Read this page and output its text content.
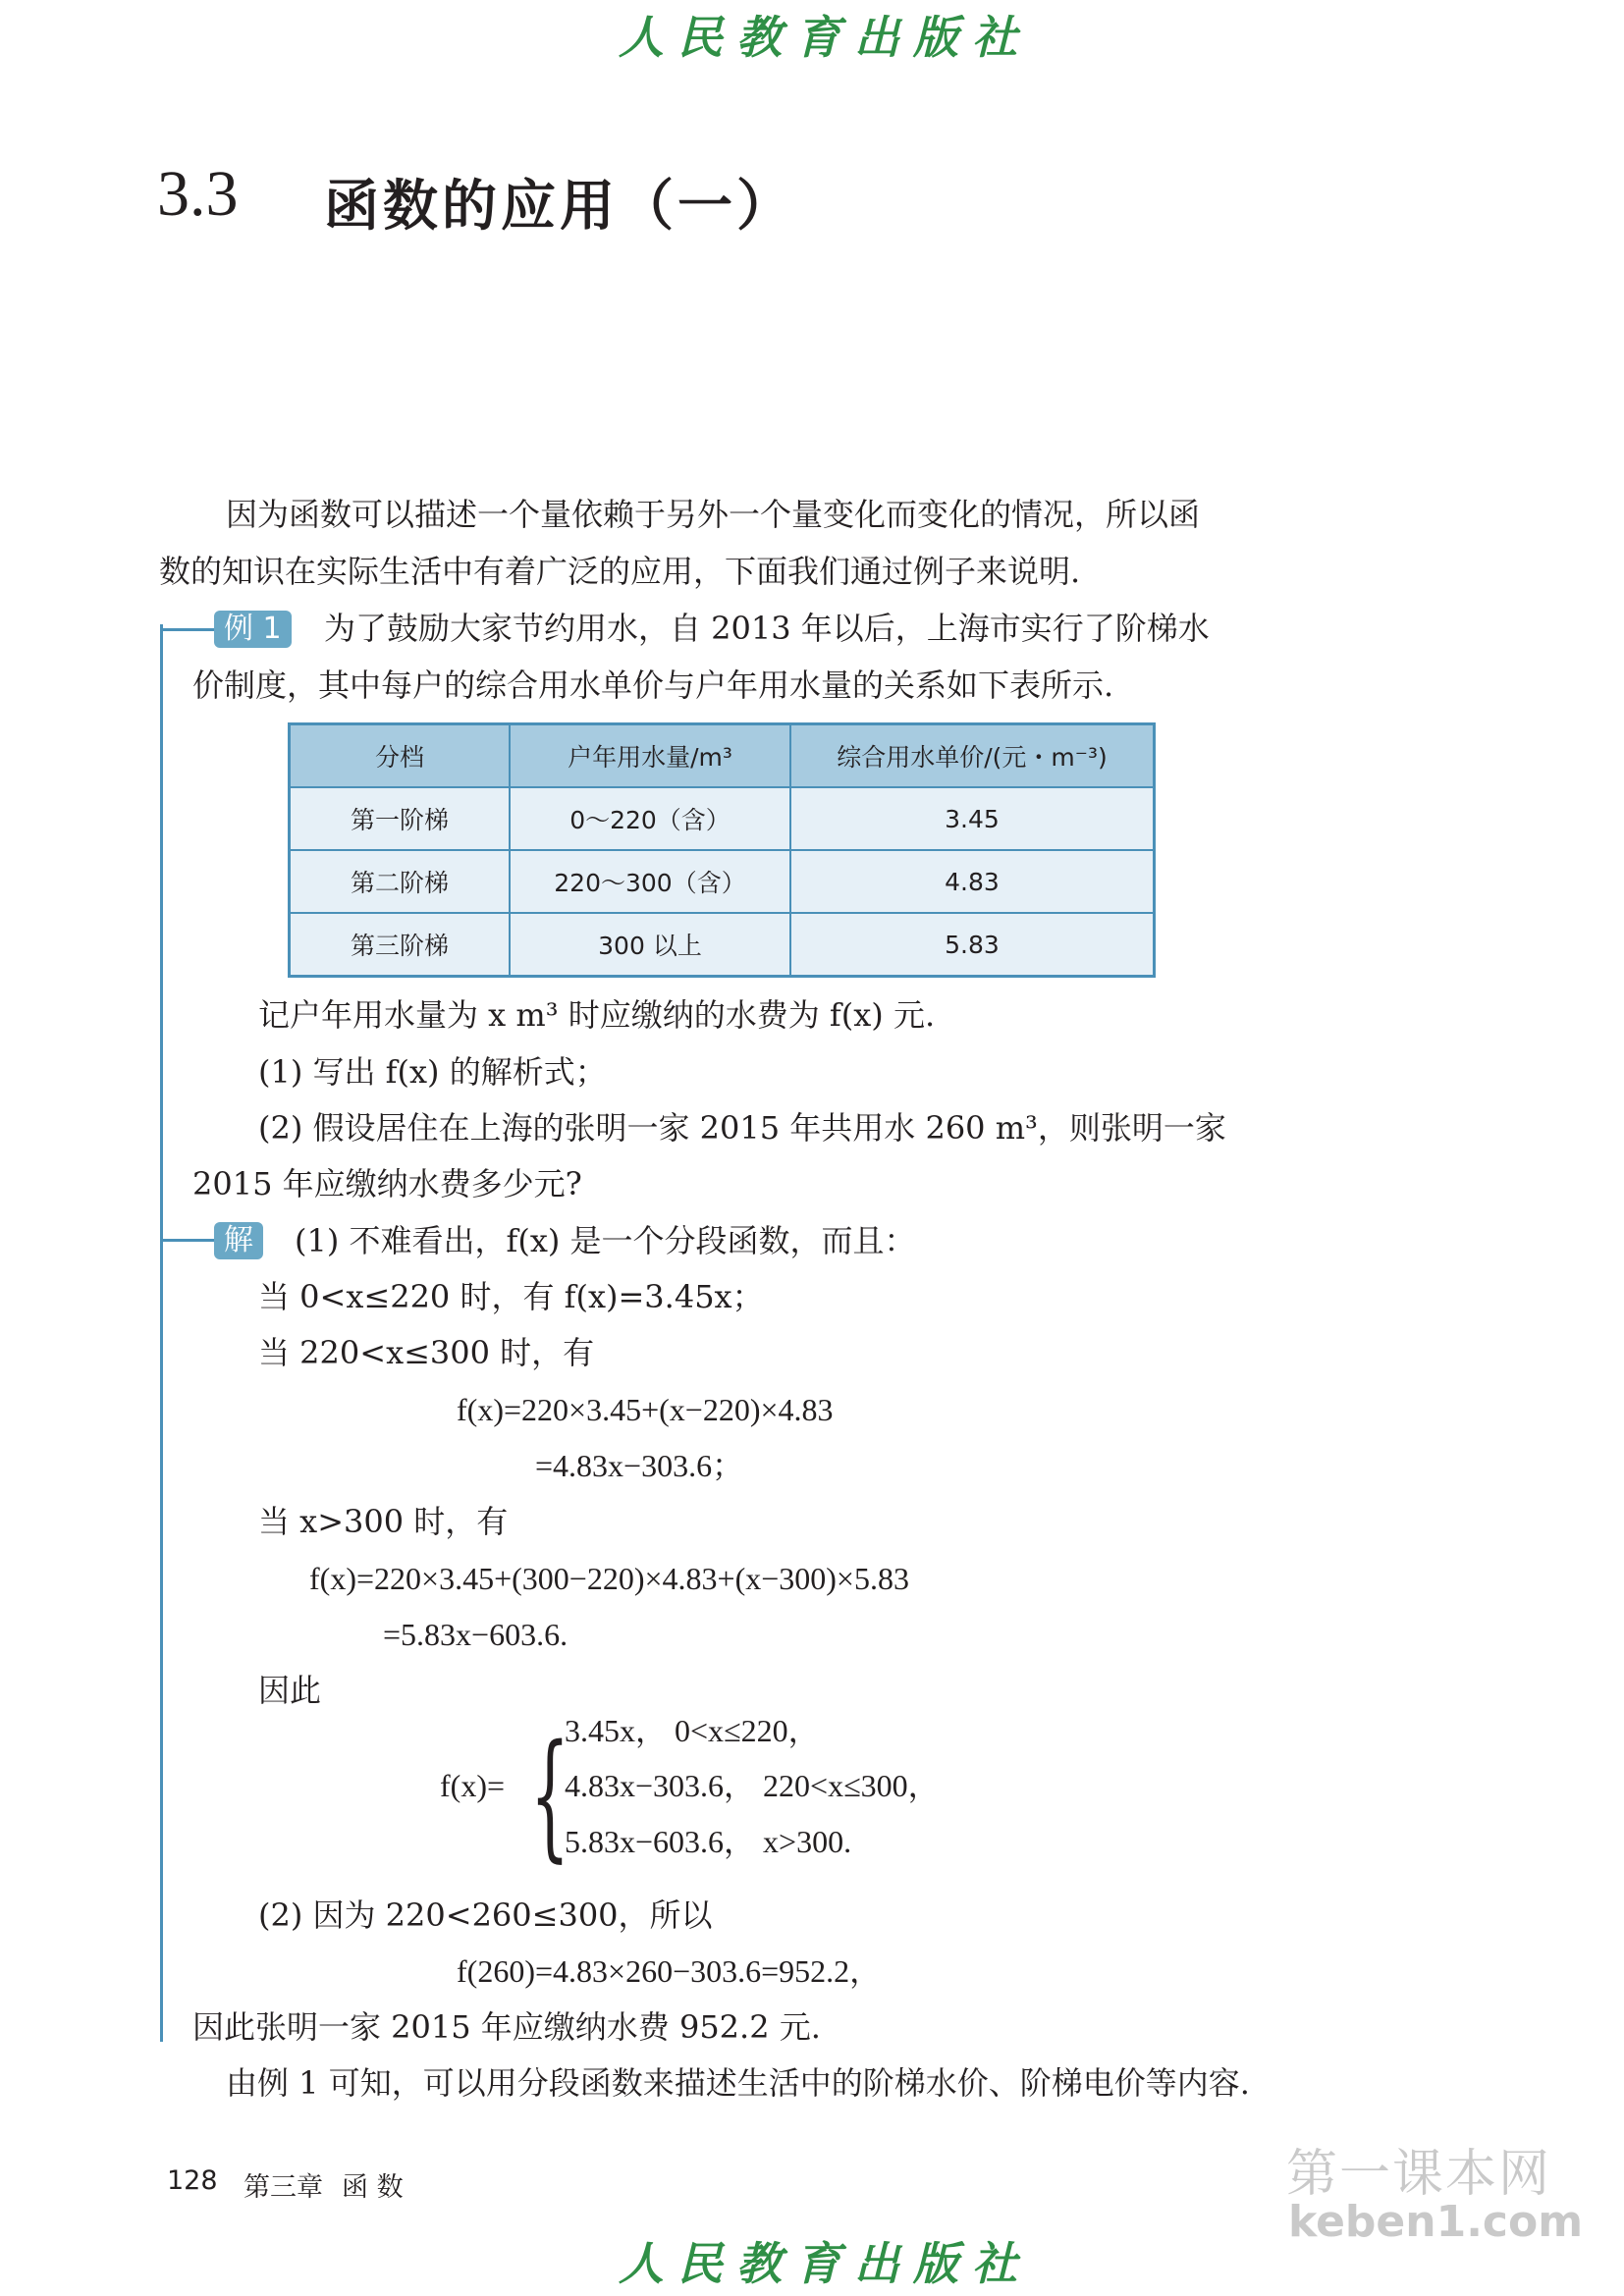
人民教育出版社
3.3 函数的应用（一）
因为函数可以描述一个量依赖于另外一个量变化而变化的情况，所以函
数的知识在实际生活中有着广泛的应用，下面我们通过例子来说明.
例 1	为了鼓励大家节约用水，自 2013 年以后，上海市实行了阶梯水
价制度，其中每户的综合用水单价与户年用水量的关系如下表所示.
分档	户年用水量/m³	综合用水单价/(元・m⁻³)
第一阶梯	0～220（含）	3.45
第二阶梯	220～300（含）	4.83
第三阶梯	300 以上	5.83
记户年用水量为 x m³ 时应缴纳的水费为 f(x) 元.
(1) 写出 f(x) 的解析式；
(2) 假设居住在上海的张明一家 2015 年共用水 260 m³，则张明一家
2015 年应缴纳水费多少元?
解	(1) 不难看出，f(x) 是一个分段函数，而且：
当 0<x≤220 时，有 f(x)=3.45x；
当 220<x≤300 时，有
f(x)=220×3.45+(x−220)×4.83
=4.83x−303.6；
当 x>300 时，有
f(x)=220×3.45+(300−220)×4.83+(x−300)×5.83
=5.83x−603.6.
因此
f(x)= {
3.45x， 0<x≤220，
4.83x−303.6， 220<x≤300，
5.83x−603.6， x>300.
(2) 因为 220<260≤300，所以
f(260)=4.83×260−303.6=952.2，
因此张明一家 2015 年应缴纳水费 952.2 元.
由例 1 可知，可以用分段函数来描述生活中的阶梯水价、阶梯电价等内容.
128 第三章 函 数	第一课本网
keben1.com
人民教育出版社
